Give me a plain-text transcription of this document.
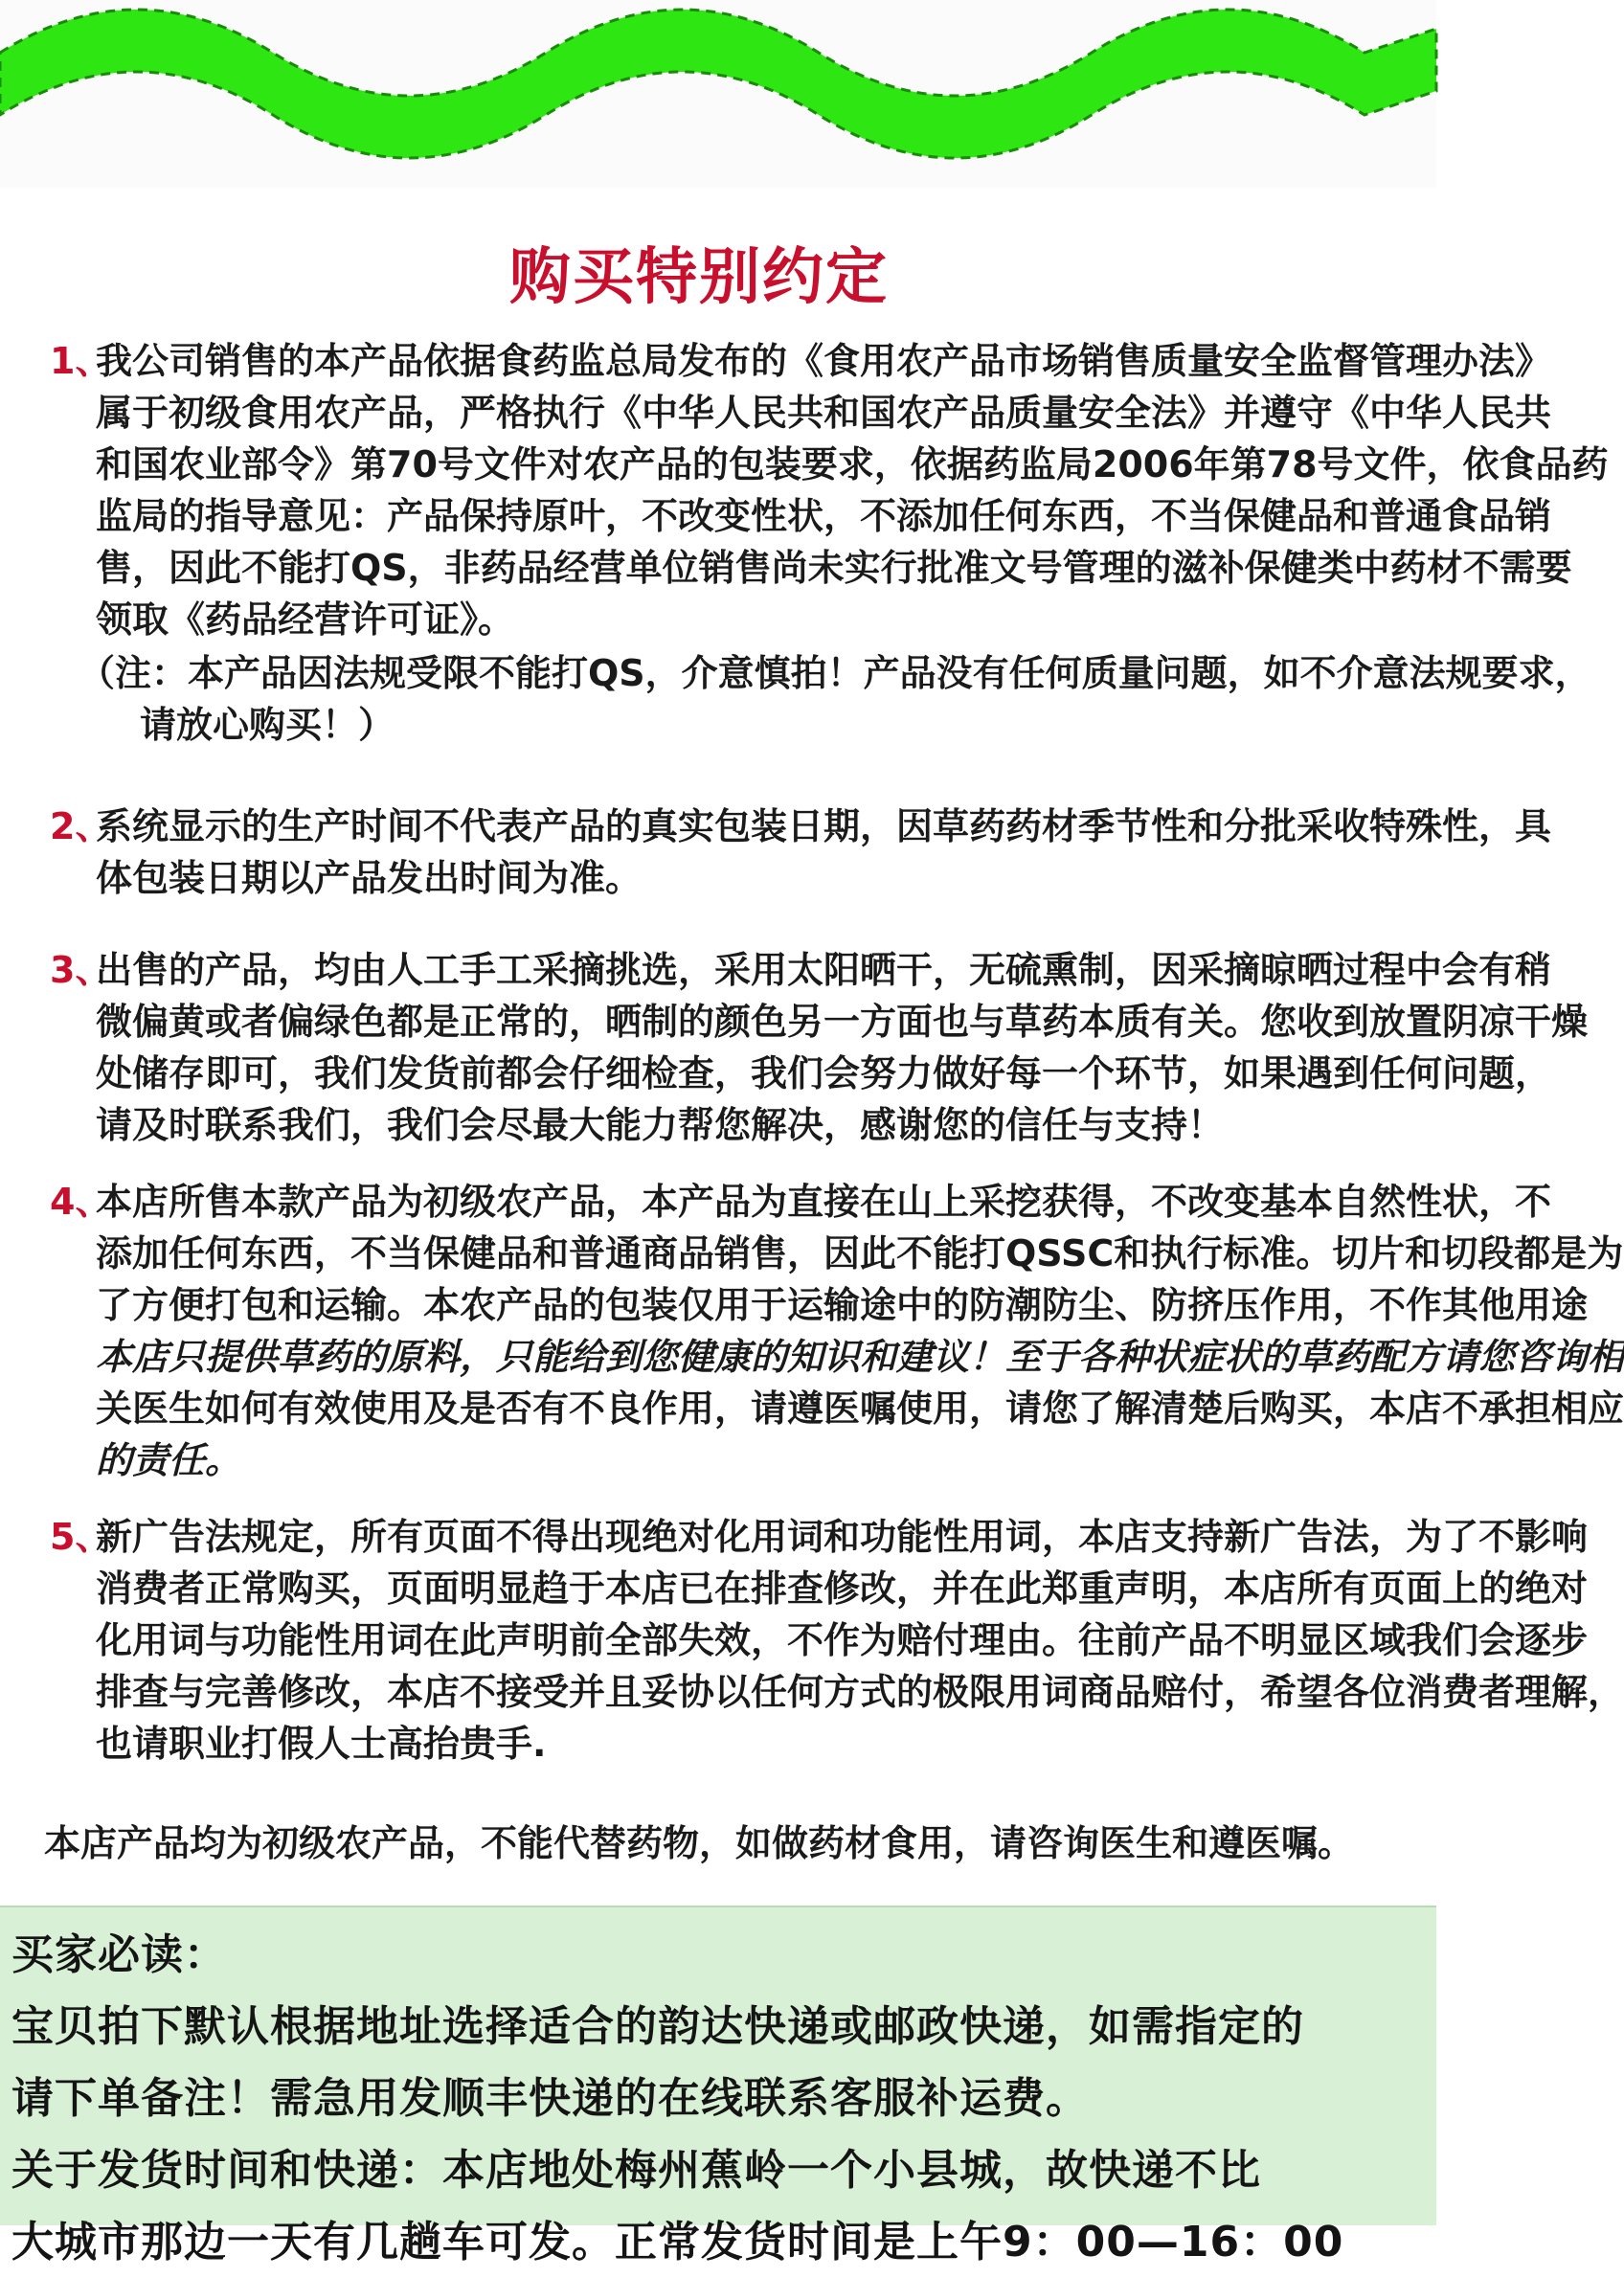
购买特别约定
1、
我公司销售的本产品依据食药监总局发布的《食用农产品市场销售质量安全监督管理办法》
属于初级食用农产品，严格执行《中华人民共和国农产品质量安全法》并遵守《中华人民共
和国农业部令》第70号文件对农产品的包装要求，依据药监局2006年第78号文件，依食品药
监局的指导意见：产品保持原叶，不改变性状，不添加任何东西，不当保健品和普通食品销
售，因此不能打QS，非药品经营单位销售尚未实行批准文号管理的滋补保健类中药材不需要
领取《药品经营许可证》。
（注：本产品因法规受限不能打QS，介意慎拍！产品没有任何质量问题，如不介意法规要求，
请放心购买！）
2、
系统显示的生产时间不代表产品的真实包装日期，因草药药材季节性和分批采收特殊性，具
体包装日期以产品发出时间为准。
3、
出售的产品，均由人工手工采摘挑选，采用太阳晒干，无硫熏制，因采摘晾晒过程中会有稍
微偏黄或者偏绿色都是正常的，晒制的颜色另一方面也与草药本质有关。您收到放置阴凉干燥
处储存即可，我们发货前都会仔细检查，我们会努力做好每一个环节，如果遇到任何问题，
请及时联系我们，我们会尽最大能力帮您解决，感谢您的信任与支持！
4、
本店所售本款产品为初级农产品，本产品为直接在山上采挖获得，不改变基本自然性状，不
添加任何东西，不当保健品和普通商品销售，因此不能打QSSC和执行标准。切片和切段都是为
了方便打包和运输。本农产品的包装仅用于运输途中的防潮防尘、防挤压作用，不作其他用途
本店只提供草药的原料，只能给到您健康的知识和建议！至于各种状症状的草药配方请您咨询相
关医生如何有效使用及是否有不良作用，请遵医嘱使用，请您了解清楚后购买，本店不承担相应
的责任。
5、
新广告法规定，所有页面不得出现绝对化用词和功能性用词，本店支持新广告法，为了不影响
消费者正常购买，页面明显趋于本店已在排查修改，并在此郑重声明，本店所有页面上的绝对
化用词与功能性用词在此声明前全部失效，不作为赔付理由。往前产品不明显区域我们会逐步
排查与完善修改，本店不接受并且妥协以任何方式的极限用词商品赔付，希望各位消费者理解，
也请职业打假人士高抬贵手.
本店产品均为初级农产品，不能代替药物，如做药材食用，请咨询医生和遵医嘱。
买家必读：
宝贝拍下默认根据地址选择适合的韵达快递或邮政快递，如需指定的
请下单备注！需急用发顺丰快递的在线联系客服补运费。
关于发货时间和快递：本店地处梅州蕉岭一个小县城，故快递不比
大城市那边一天有几趟车可发。正常发货时间是上午9：00—16：00
